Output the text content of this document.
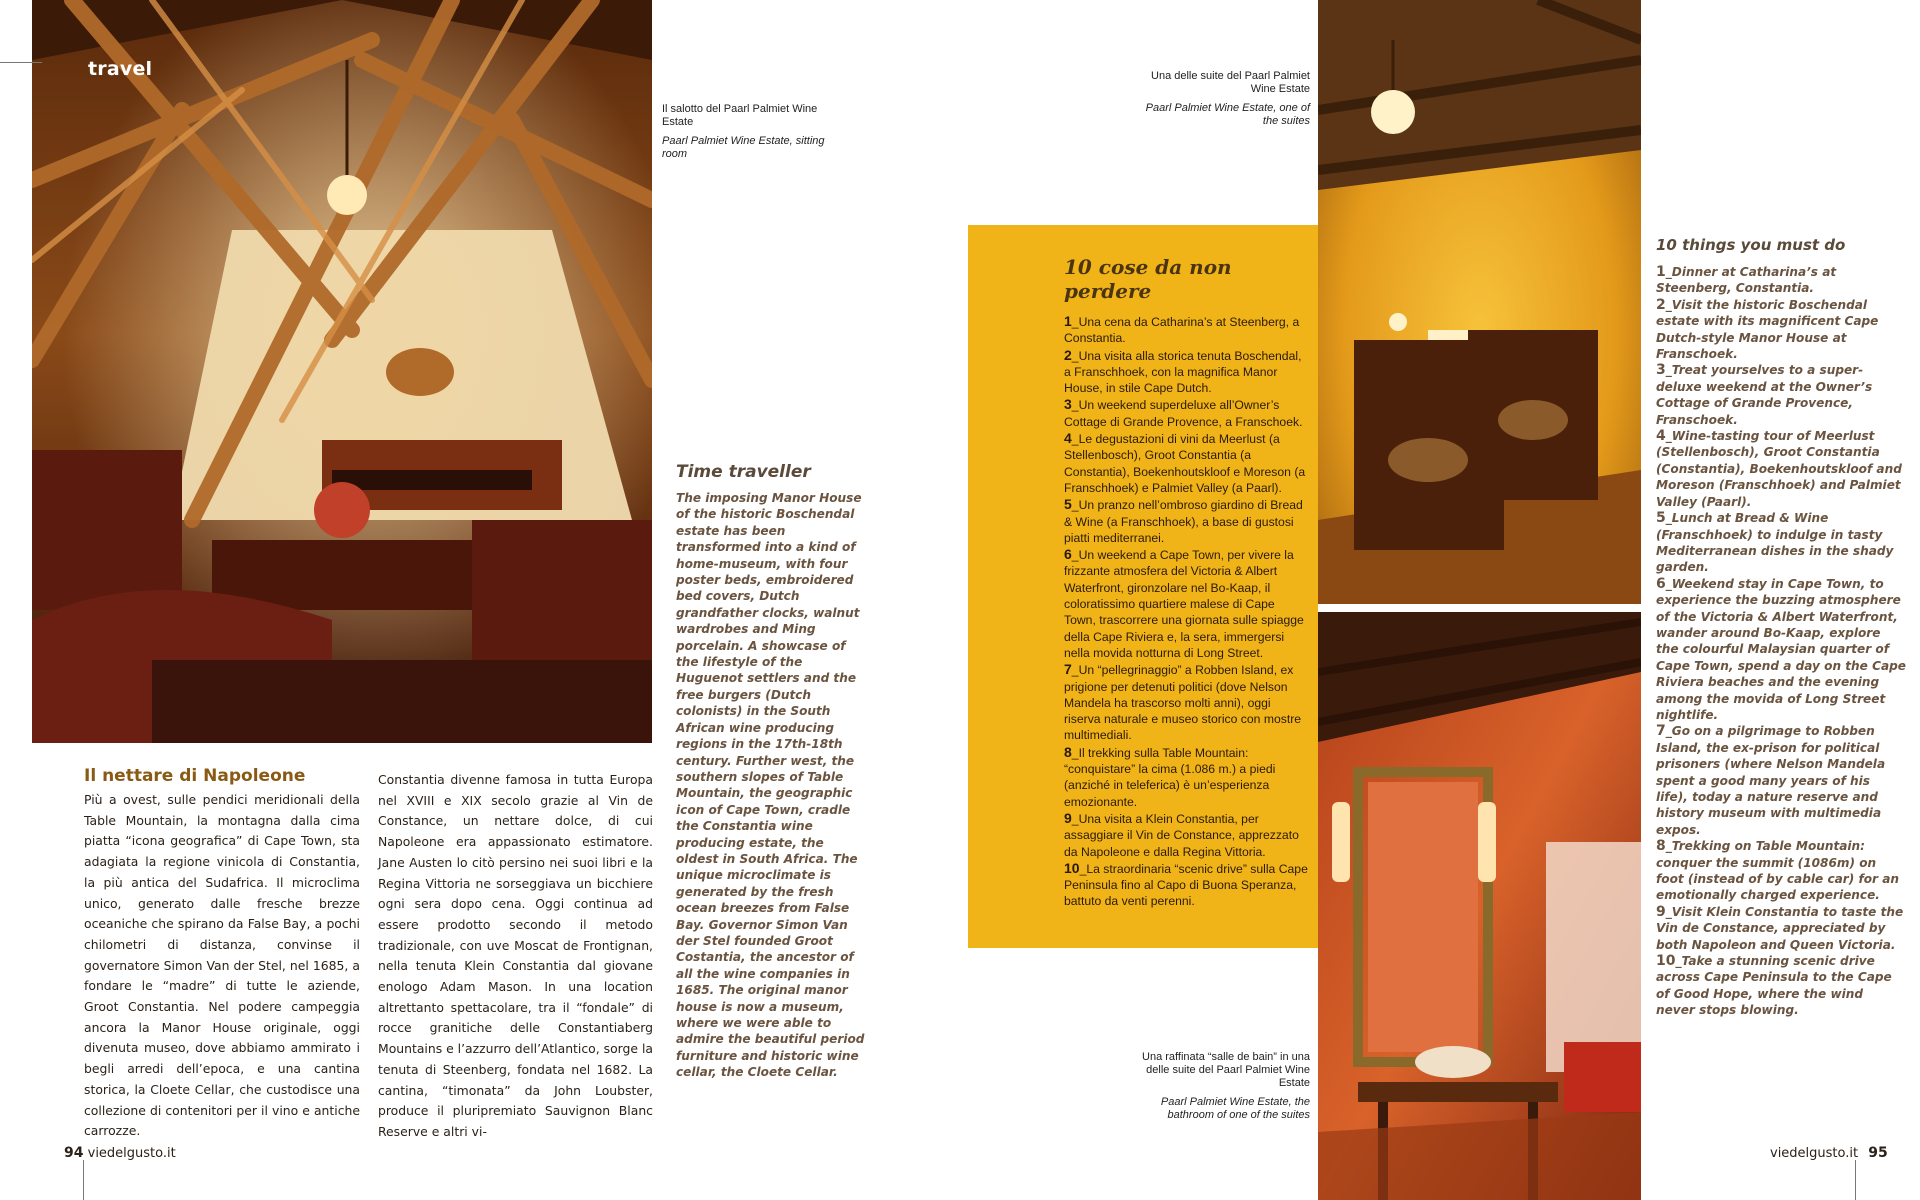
travel
Il salotto del Paarl Palmiet Wine Estate
Paarl Palmiet Wine Estate, sitting room
Il nettare di Napoleone

Più a ovest, sulle pendici meridionali della Table Mountain, la montagna dalla cima piatta “icona geografica” di Cape Town, sta adagiata la regione vinicola di Constantia, la più antica del Sudafrica. Il microclima unico, generato dalle fresche brezze oceaniche che spirano da False Bay, a pochi chilometri di distanza, convinse il governatore Simon Van der Stel, nel 1685, a fondare le “madre” di tutte le aziende, Groot Constantia. Nel podere campeggia ancora la Manor House originale, oggi divenuta museo, dove abbiamo ammirato i begli arredi dell’epoca, e una cantina storica, la Cloete Cellar, che custodisce una collezione di contenitori per il vino e antiche carrozze.

Constantia divenne famosa in tutta Europa nel XVIII e XIX secolo grazie al Vin de Constance, un nettare dolce, di cui Napoleone era appassionato estimatore. Jane Austen lo citò persino nei suoi libri e la Regina Vittoria ne sorseggiava un bicchiere ogni sera dopo cena. Oggi continua ad essere prodotto secondo il metodo tradizionale, con uve Moscat de Frontignan, nella tenuta Klein Constantia dal giovane enologo Adam Mason. In una location altrettanto spettacolare, tra il “fondale” di rocce granitiche delle Constantiaberg Mountains e l’azzurro dell’Atlantico, sorge la tenuta di Steenberg, fondata nel 1682. La cantina, “timonata” da John Loubster, produce il pluripremiato Sauvignon Blanc Reserve e altri vi-

Time traveller

The imposing Manor House of the historic Boschendal estate has been transformed into a kind of home-museum, with four poster beds, embroidered bed covers, Dutch grandfather clocks, walnut wardrobes and Ming porcelain. A showcase of the lifestyle of the Huguenot settlers and the free burgers (Dutch colonists) in the South African wine producing regions in the 17th-18th century. Further west, the southern slopes of Table Mountain, the geographic icon of Cape Town, cradle the Constantia wine producing estate, the oldest in South Africa. The unique microclimate is generated by the fresh ocean breezes from False Bay. Governor Simon Van der Stel founded Groot Costantia, the ancestor of all the wine companies in 1685. The original manor house is now a museum, where we were able to admire the beautiful period furniture and historic wine cellar, the Cloete Cellar.

94 viedelgusto.it
Una delle suite del Paarl Palmiet Wine Estate
Paarl Palmiet Wine Estate, one of the suites
10 cose da non perdere
1_Una cena da Catharina’s at Steenberg, a Constantia.
2_Una visita alla storica tenuta Boschendal, a Franschhoek, con la magnifica Manor House, in stile Cape Dutch.
3_Un weekend superdeluxe all’Owner’s Cottage di Grande Provence, a Franschoek.
4_Le degustazioni di vini da Meerlust (a Stellenbosch), Groot Constantia (a Constantia), Boekenhoutskloof e Moreson (a Franschhoek) e Palmiet Valley (a Paarl).
5_Un pranzo nell’ombroso giardino di Bread & Wine (a Franschhoek), a base di gustosi piatti mediterranei.
6_Un weekend a Cape Town, per vivere la frizzante atmosfera del Victoria & Albert Waterfront, gironzolare nel Bo-Kaap, il coloratissimo quartiere malese di Cape Town, trascorrere una giornata sulle spiagge della Cape Riviera e, la sera, immergersi nella movida notturna di Long Street.
7_Un “pellegrinaggio” a Robben Island, ex prigione per detenuti politici (dove Nelson Mandela ha trascorso molti anni), oggi riserva naturale e museo storico con mostre multimediali.
8_Il trekking sulla Table Mountain: “conquistare” la cima (1.086 m.) a piedi (anziché in teleferica) è un’esperienza emozionante.
9_Una visita a Klein Constantia, per assaggiare il Vin de Constance, apprezzato da Napoleone e dalla Regina Vittoria.
10_La straordinaria “scenic drive” sulla Cape Peninsula fino al Capo di Buona Speranza, battuto da venti perenni.
Una raffinata “salle de bain” in una delle suite del Paarl Palmiet Wine Estate
Paarl Palmiet Wine Estate, the bathroom of one of the suites
10 things you must do
1_Dinner at Catharina’s at Steenberg, Constantia.
2_Visit the historic Boschendal estate with its magnificent Cape Dutch-style Manor House at Franschoek.
3_Treat yourselves to a super-deluxe weekend at the Owner’s Cottage of Grande Provence, Franschoek.
4_Wine-tasting tour of Meerlust (Stellenbosch), Groot Constantia (Constantia), Boekenhoutskloof and Moreson (Franschhoek) and Palmiet Valley (Paarl).
5_Lunch at Bread & Wine (Franschhoek) to indulge in tasty Mediterranean dishes in the shady garden.
6_Weekend stay in Cape Town, to experience the buzzing atmosphere of the Victoria & Albert Waterfront, wander around Bo-Kaap, explore the colourful Malaysian quarter of Cape Town, spend a day on the Cape Riviera beaches and the evening among the movida of Long Street nightlife.
7_Go on a pilgrimage to Robben Island, the ex-prison for political prisoners (where Nelson Mandela spent a good many years of his life), today a nature reserve and history museum with multimedia expos.
8_Trekking on Table Mountain: conquer the summit (1086m) on foot (instead of by cable car) for an emotionally charged experience.
9_Visit Klein Constantia to taste the Vin de Constance, appreciated by both Napoleon and Queen Victoria.
10_Take a stunning scenic drive across Cape Peninsula to the Cape of Good Hope, where the wind never stops blowing.
viedelgusto.it 95
